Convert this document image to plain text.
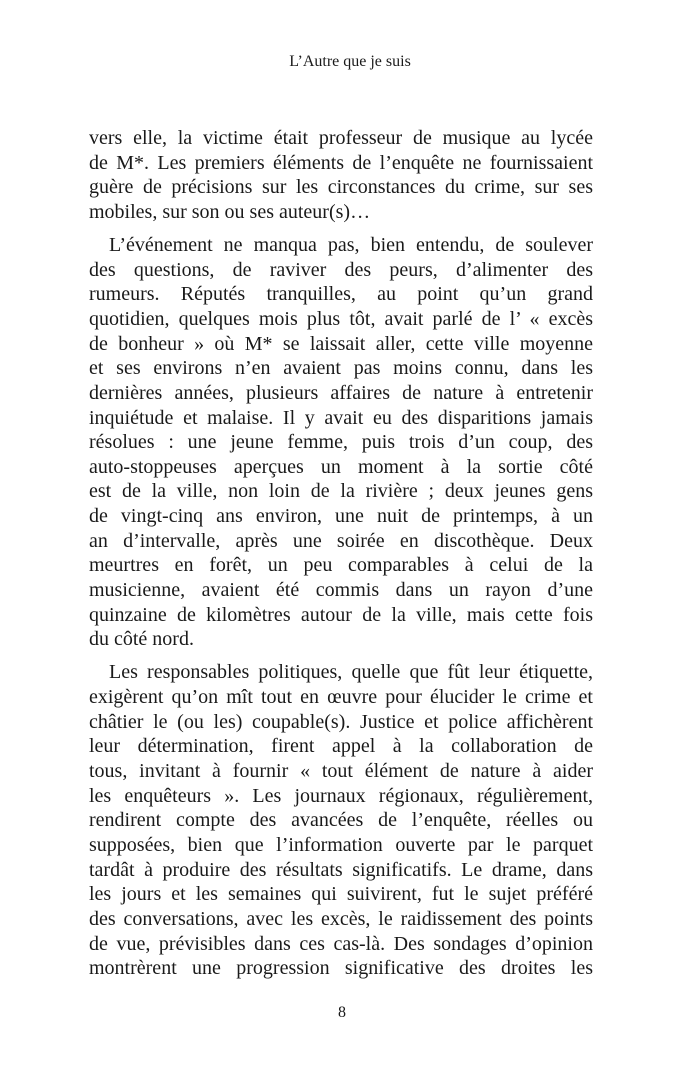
L’Autre que je suis
vers elle, la victime était professeur de musique au lycée
de M*. Les premiers éléments de l’enquête ne fournissaient
guère de précisions sur les circonstances du crime, sur ses
mobiles, sur son ou ses auteur(s)…
L’événement ne manqua pas, bien entendu, de soulever
des questions, de raviver des peurs, d’alimenter des
rumeurs. Réputés tranquilles, au point qu’un grand
quotidien, quelques mois plus tôt, avait parlé de l’ « excès
de bonheur » où M* se laissait aller, cette ville moyenne
et ses environs n’en avaient pas moins connu, dans les
dernières années, plusieurs affaires de nature à entretenir
inquiétude et malaise. Il y avait eu des disparitions jamais
résolues : une jeune femme, puis trois d’un coup, des
auto-stoppeuses aperçues un moment à la sortie côté
est de la ville, non loin de la rivière ; deux jeunes gens
de vingt-cinq ans environ, une nuit de printemps, à un
an d’intervalle, après une soirée en discothèque. Deux
meurtres en forêt, un peu comparables à celui de la
musicienne, avaient été commis dans un rayon d’une
quinzaine de kilomètres autour de la ville, mais cette fois
du côté nord.
Les responsables politiques, quelle que fût leur étiquette,
exigèrent qu’on mît tout en œuvre pour élucider le crime et
châtier le (ou les) coupable(s). Justice et police affichèrent
leur détermination, firent appel à la collaboration de
tous, invitant à fournir « tout élément de nature à aider
les enquêteurs ». Les journaux régionaux, régulièrement,
rendirent compte des avancées de l’enquête, réelles ou
supposées, bien que l’information ouverte par le parquet
tardât à produire des résultats significatifs. Le drame, dans
les jours et les semaines qui suivirent, fut le sujet préféré
des conversations, avec les excès, le raidissement des points
de vue, prévisibles dans ces cas-là. Des sondages d’opinion
montrèrent une progression significative des droites les
8
